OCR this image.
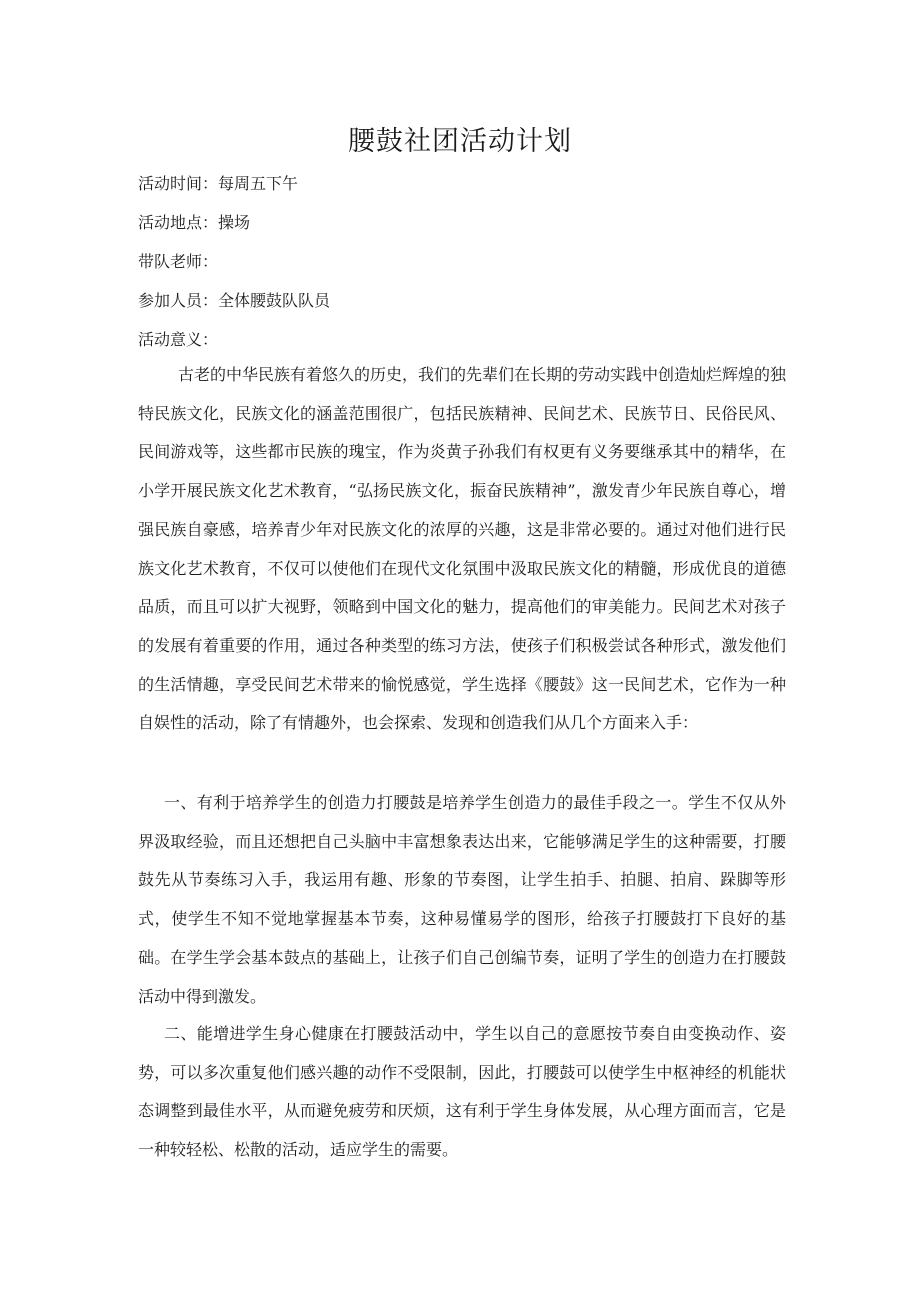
腰鼓社团活动计划
活动时间：每周五下午
活动地点：操场
带队老师：
参加人员：全体腰鼓队队员
活动意义：

古老的中华民族有着悠久的历史，我们的先辈们在长期的劳动实践中创造灿烂辉煌的独特民族文化，民族文化的涵盖范围很广，包括民族精神、民间艺术、民族节日、民俗民风、民间游戏等，这些都市民族的瑰宝，作为炎黄子孙我们有权更有义务要继承其中的精华，在小学开展民族文化艺术教育，“弘扬民族文化，振奋民族精神”，激发青少年民族自尊心，增强民族自豪感，培养青少年对民族文化的浓厚的兴趣，这是非常必要的。通过对他们进行民族文化艺术教育，不仅可以使他们在现代文化氛围中汲取民族文化的精髓，形成优良的道德品质，而且可以扩大视野，领略到中国文化的魅力，提高他们的审美能力。民间艺术对孩子的发展有着重要的作用，通过各种类型的练习方法，使孩子们积极尝试各种形式，激发他们的生活情趣，享受民间艺术带来的愉悦感觉，学生选择《腰鼓》这一民间艺术，它作为一种自娱性的活动，除了有情趣外，也会探索、发现和创造我们从几个方面来入手：

一、有利于培养学生的创造力打腰鼓是培养学生创造力的最佳手段之一。学生不仅从外界汲取经验，而且还想把自己头脑中丰富想象表达出来，它能够满足学生的这种需要，打腰鼓先从节奏练习入手，我运用有趣、形象的节奏图，让学生拍手、拍腿、拍肩、跺脚等形式，使学生不知不觉地掌握基本节奏，这种易懂易学的图形，给孩子打腰鼓打下良好的基础。在学生学会基本鼓点的基础上，让孩子们自己创编节奏，证明了学生的创造力在打腰鼓活动中得到激发。

二、能增进学生身心健康在打腰鼓活动中，学生以自己的意愿按节奏自由变换动作、姿势，可以多次重复他们感兴趣的动作不受限制，因此，打腰鼓可以使学生中枢神经的机能状态调整到最佳水平，从而避免疲劳和厌烦，这有利于学生身体发展，从心理方面而言，它是一种较轻松、松散的活动，适应学生的需要。
